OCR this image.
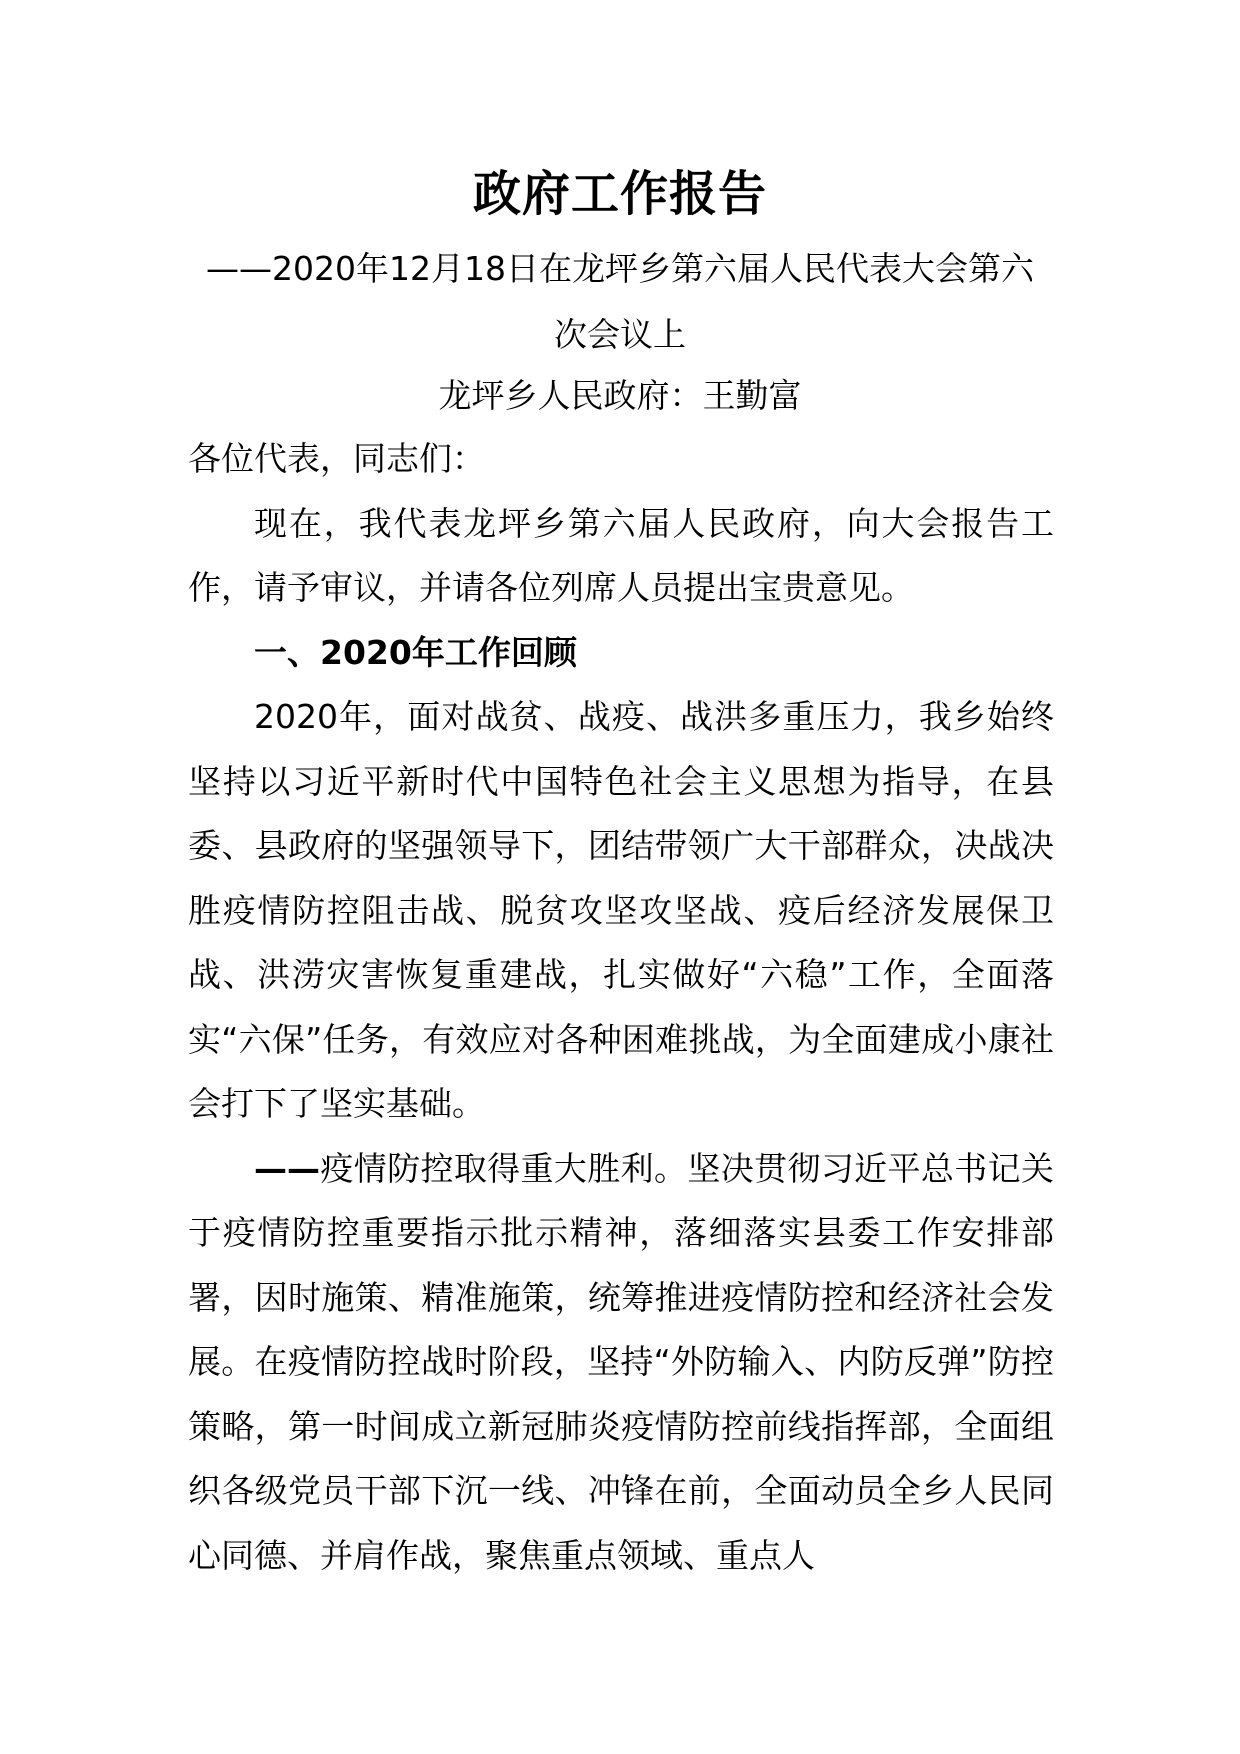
政府工作报告
——2020年12月18日在龙坪乡第六届人民代表大会第六次会议上
龙坪乡人民政府：王勤富

各位代表，同志们：

现在，我代表龙坪乡第六届人民政府，向大会报告工作，请予审议，并请各位列席人员提出宝贵意见。

一、2020年工作回顾

2020年，面对战贫、战疫、战洪多重压力，我乡始终坚持以习近平新时代中国特色社会主义思想为指导，在县委、县政府的坚强领导下，团结带领广大干部群众，决战决胜疫情防控阻击战、脱贫攻坚攻坚战、疫后经济发展保卫战、洪涝灾害恢复重建战，扎实做好“六稳”工作，全面落实“六保”任务，有效应对各种困难挑战，为全面建成小康社会打下了坚实基础。

——疫情防控取得重大胜利。坚决贯彻习近平总书记关于疫情防控重要指示批示精神，落细落实县委工作安排部署，因时施策、精准施策，统筹推进疫情防控和经济社会发展。在疫情防控战时阶段，坚持“外防输入、内防反弹”防控策略，第一时间成立新冠肺炎疫情防控前线指挥部，全面组织各级党员干部下沉一线、冲锋在前，全面动员全乡人民同心同德、并肩作战，聚焦重点领域、重点人
